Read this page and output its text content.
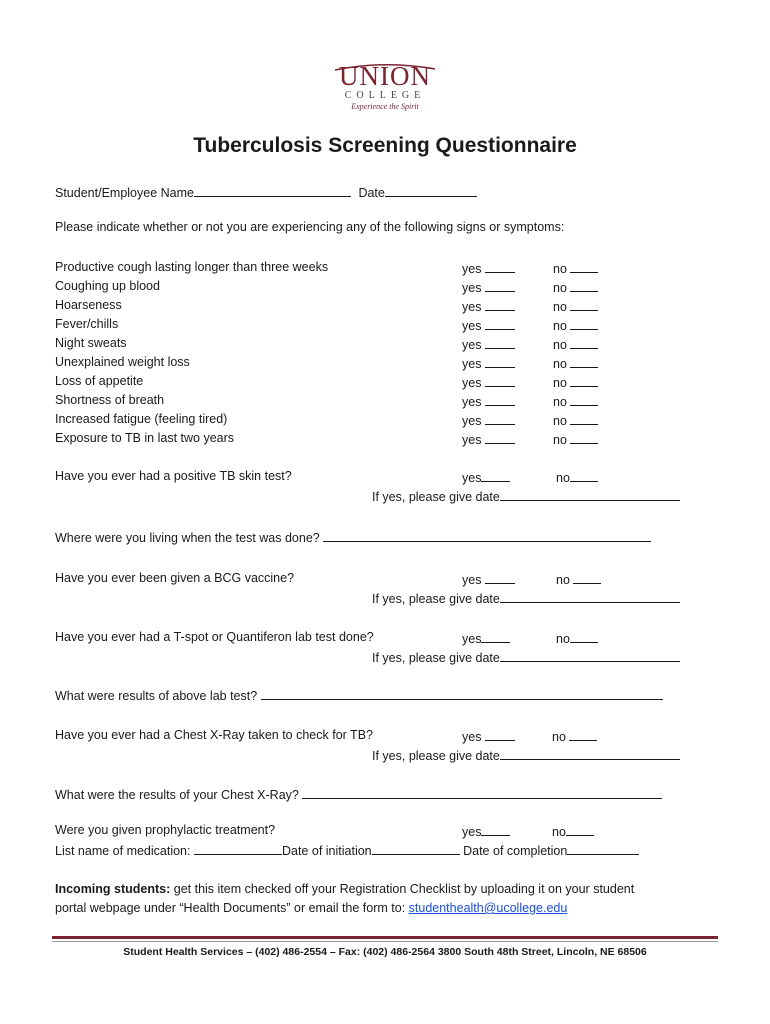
UNION
COLLEGE
Experience the Spirit
Tuberculosis Screening Questionnaire
Student/Employee Name	Date
Please indicate whether or not you are experiencing any of the following signs or symptoms:
Productive cough lasting longer than three weeks	yes	no
Coughing up blood	yes	no
Hoarseness	yes	no
Fever/chills	yes	no
Night sweats	yes	no
Unexplained weight loss	yes	no
Loss of appetite	yes	no
Shortness of breath	yes	no
Increased fatigue (feeling tired)	yes	no
Exposure to TB in last two years	yes	no
Have you ever had a positive TB skin test?	yes	no
If yes, please give date
Where were you living when the test was done?
Have you ever been given a BCG vaccine?	yes	no
If yes, please give date
Have you ever had a T-spot or Quantiferon lab test done?	yes	no
If yes, please give date
What were results of above lab test?
Have you ever had a Chest X-Ray taken to check for TB?	yes	no
If yes, please give date
What were the results of your Chest X-Ray?
Were you given prophylactic treatment?	yes	no
List name of medication:	Date of initiation	Date of completion
Incoming students: get this item checked off your Registration Checklist by uploading it on your student
portal webpage under “Health Documents” or email the form to: studenthealth@ucollege.edu
Student Health Services – (402) 486-2554 – Fax: (402) 486-2564 3800 South 48th Street, Lincoln, NE 68506
